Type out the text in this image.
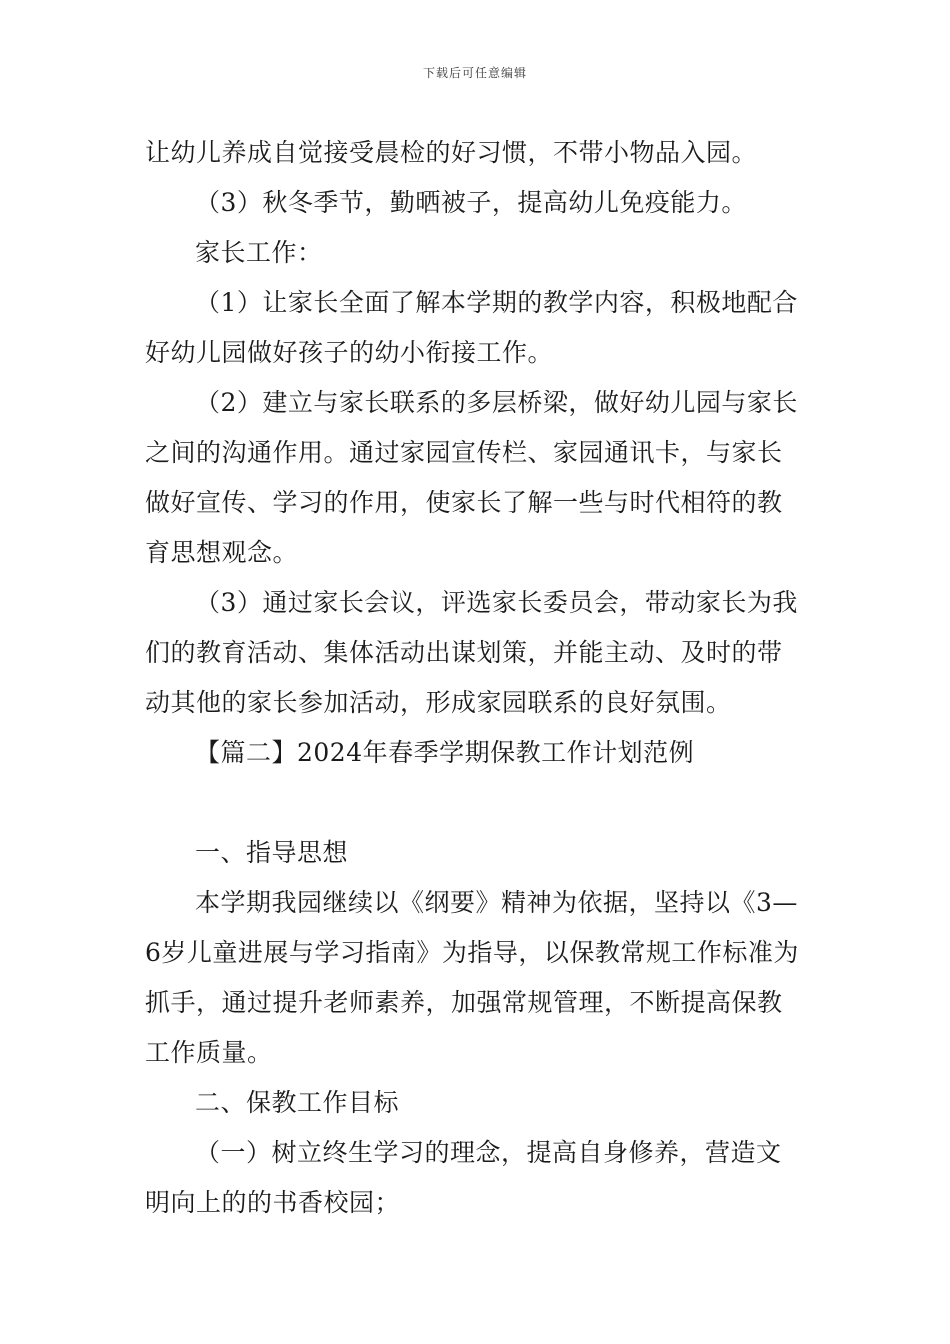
下载后可任意编辑
让幼儿养成自觉接受晨检的好习惯，不带小物品入园。
（3）秋冬季节，勤晒被子，提高幼儿免疫能力。
家长工作：
（1）让家长全面了解本学期的教学内容，积极地配合
好幼儿园做好孩子的幼小衔接工作。
（2）建立与家长联系的多层桥梁，做好幼儿园与家长
之间的沟通作用。通过家园宣传栏、家园通讯卡，与家长
做好宣传、学习的作用，使家长了解一些与时代相符的教
育思想观念。
（3）通过家长会议，评选家长委员会，带动家长为我
们的教育活动、集体活动出谋划策，并能主动、及时的带
动其他的家长参加活动，形成家园联系的良好氛围。
【篇二】2024年春季学期保教工作计划范例
一、指导思想
本学期我园继续以《纲要》精神为依据，坚持以《3—
6岁儿童进展与学习指南》为指导，以保教常规工作标准为
抓手，通过提升老师素养，加强常规管理，不断提高保教
工作质量。
二、保教工作目标
（一）树立终生学习的理念，提高自身修养，营造文
明向上的的书香校园；
